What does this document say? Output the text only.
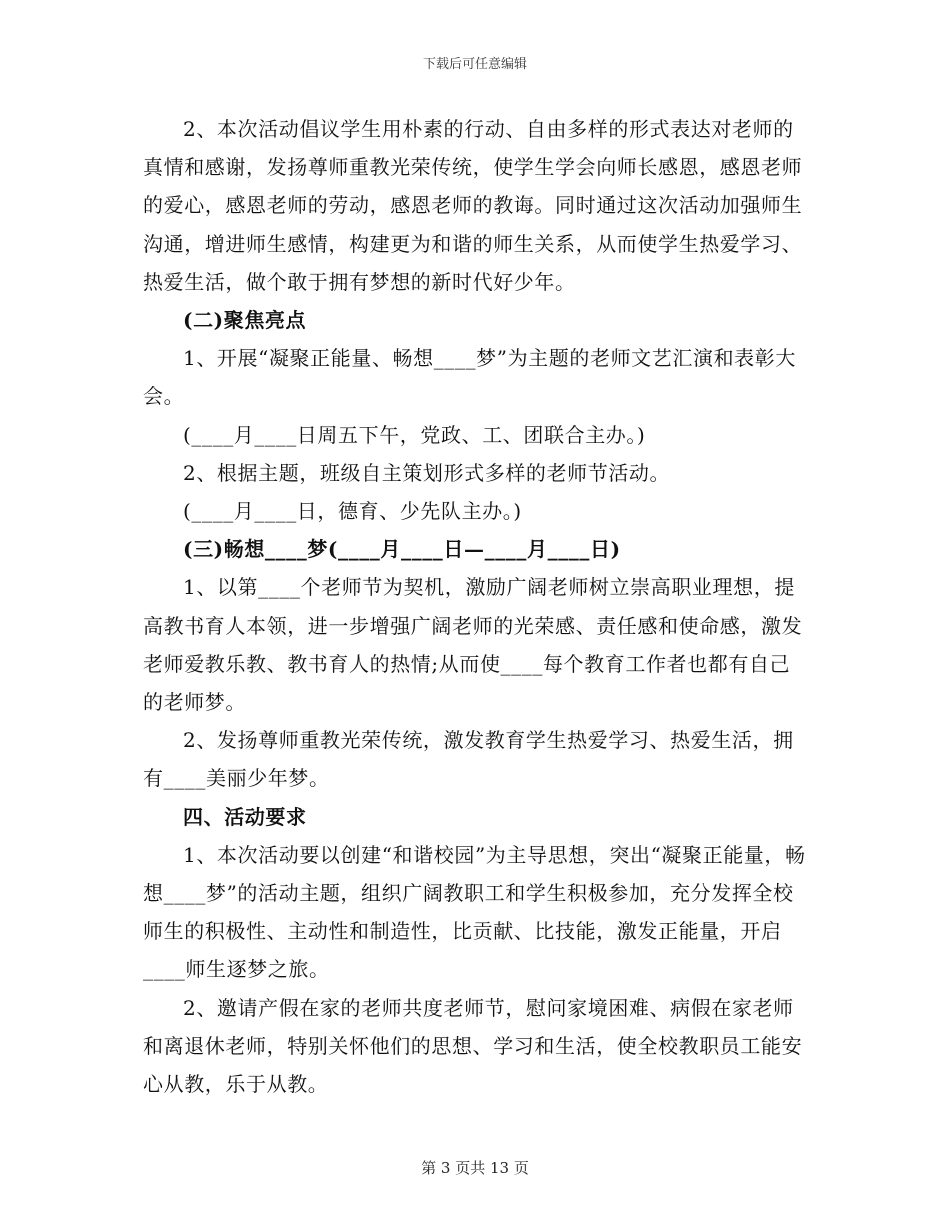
下载后可任意编辑

2、本次活动倡议学生用朴素的行动、自由多样的形式表达对老师的真情和感谢，发扬尊师重教光荣传统，使学生学会向师长感恩，感恩老师的爱心，感恩老师的劳动，感恩老师的教诲。同时通过这次活动加强师生沟通，增进师生感情，构建更为和谐的师生关系，从而使学生热爱学习、热爱生活，做个敢于拥有梦想的新时代好少年。

(二)聚焦亮点

1、开展“凝聚正能量、畅想____梦”为主题的老师文艺汇演和表彰大会。

(____月____日周五下午，党政、工、团联合主办。)

2、根据主题，班级自主策划形式多样的老师节活动。

(____月____日，德育、少先队主办。)

(三)畅想____梦(____月____日—____月____日)

1、以第____个老师节为契机，激励广阔老师树立崇高职业理想，提高教书育人本领，进一步增强广阔老师的光荣感、责任感和使命感，激发老师爱教乐教、教书育人的热情;从而使____每个教育工作者也都有自己的老师梦。

2、发扬尊师重教光荣传统，激发教育学生热爱学习、热爱生活，拥有____美丽少年梦。

四、活动要求

1、本次活动要以创建“和谐校园”为主导思想，突出“凝聚正能量，畅想____梦”的活动主题，组织广阔教职工和学生积极参加，充分发挥全校师生的积极性、主动性和制造性，比贡献、比技能，激发正能量，开启____师生逐梦之旅。

2、邀请产假在家的老师共度老师节，慰问家境困难、病假在家老师和离退休老师，特别关怀他们的思想、学习和生活，使全校教职员工能安心从教，乐于从教。

第 3 页共 13 页
